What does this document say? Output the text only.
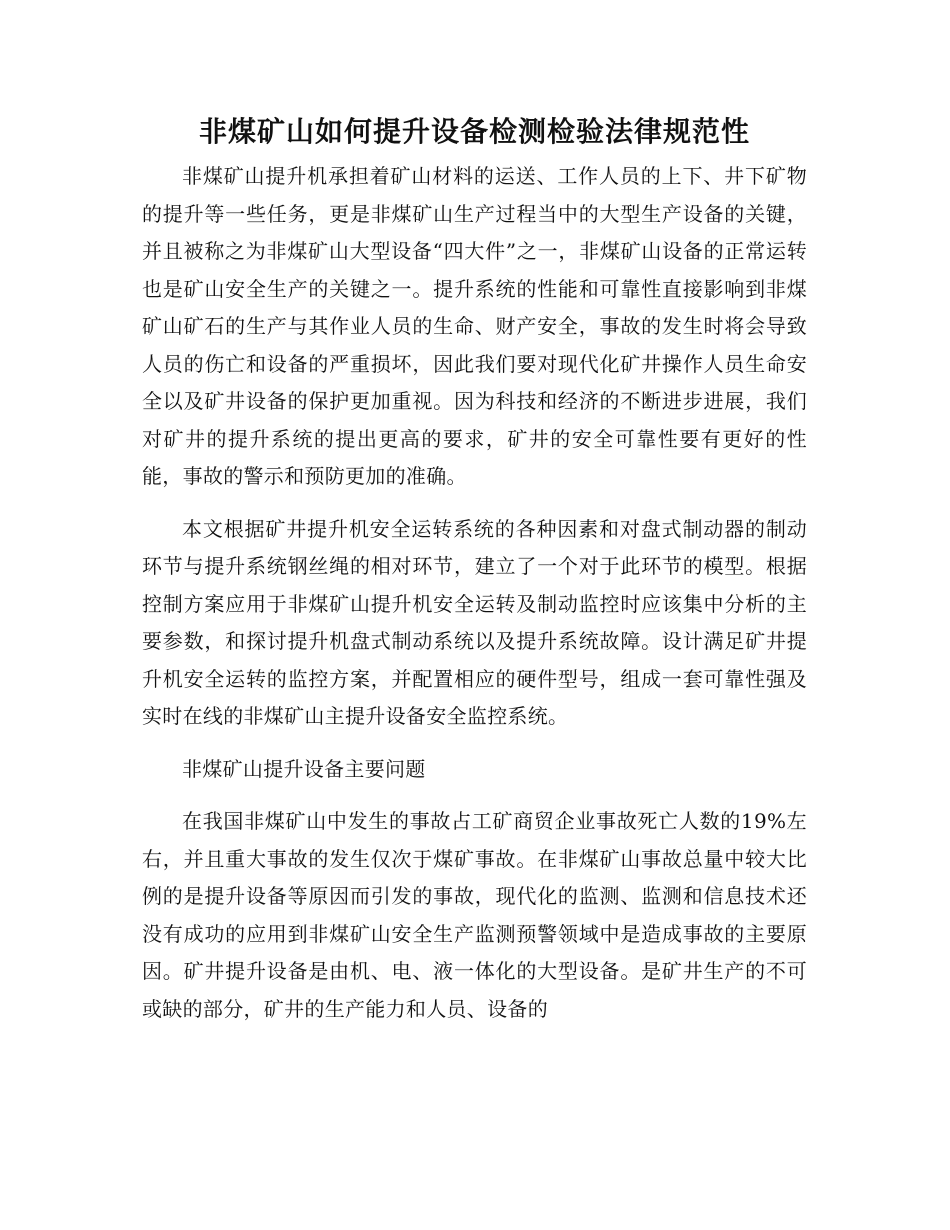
非煤矿山如何提升设备检测检验法律规范性

非煤矿山提升机承担着矿山材料的运送、工作人员的上下、井下矿物的提升等一些任务，更是非煤矿山生产过程当中的大型生产设备的关键，并且被称之为非煤矿山大型设备“四大件”之一，非煤矿山设备的正常运转也是矿山安全生产的关键之一。提升系统的性能和可靠性直接影响到非煤矿山矿石的生产与其作业人员的生命、财产安全，事故的发生时将会导致人员的伤亡和设备的严重损坏，因此我们要对现代化矿井操作人员生命安全以及矿井设备的保护更加重视。因为科技和经济的不断进步进展，我们对矿井的提升系统的提出更高的要求，矿井的安全可靠性要有更好的性能，事故的警示和预防更加的准确。

本文根据矿井提升机安全运转系统的各种因素和对盘式制动器的制动环节与提升系统钢丝绳的相对环节，建立了一个对于此环节的模型。根据控制方案应用于非煤矿山提升机安全运转及制动监控时应该集中分析的主要参数，和探讨提升机盘式制动系统以及提升系统故障。设计满足矿井提升机安全运转的监控方案，并配置相应的硬件型号，组成一套可靠性强及实时在线的非煤矿山主提升设备安全监控系统。

非煤矿山提升设备主要问题

在我国非煤矿山中发生的事故占工矿商贸企业事故死亡人数的19%左右，并且重大事故的发生仅次于煤矿事故。在非煤矿山事故总量中较大比例的是提升设备等原因而引发的事故，现代化的监测、监测和信息技术还没有成功的应用到非煤矿山安全生产监测预警领域中是造成事故的主要原因。矿井提升设备是由机、电、液一体化的大型设备。是矿井生产的不可或缺的部分，矿井的生产能力和人员、设备的
